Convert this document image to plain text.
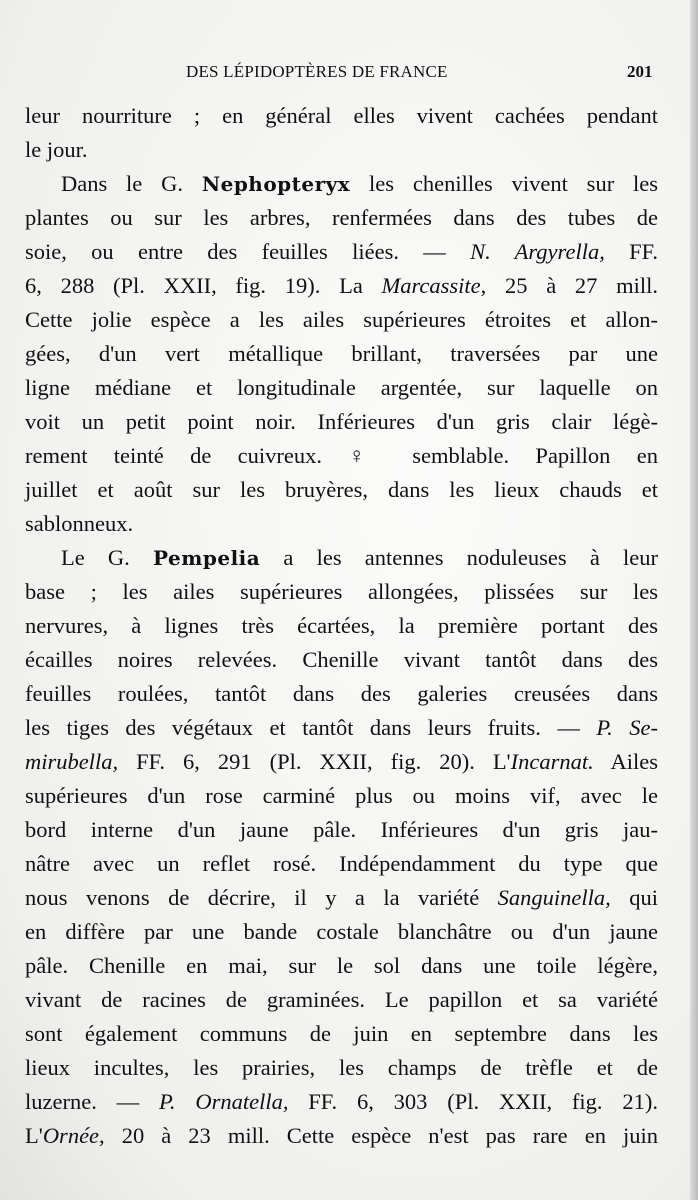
DES LÉPIDOPTÈRES DE FRANCE	201
leur nourriture ; en général elles vivent cachées pendant
le jour.
Dans le G. Nephopteryx les chenilles vivent sur les
plantes ou sur les arbres, renfermées dans des tubes de
soie, ou entre des feuilles liées. — N. Argyrella, FF.
6, 288 (Pl. XXII, fig. 19). La Marcassite, 25 à 27 mill.
Cette jolie espèce a les ailes supérieures étroites et allon-
gées, d'un vert métallique brillant, traversées par une
ligne médiane et longitudinale argentée, sur laquelle on
voit un petit point noir. Inférieures d'un gris clair légè-
rement teinté de cuivreux. ♀ semblable. Papillon en
juillet et août sur les bruyères, dans les lieux chauds et
sablonneux.
Le G. Pempelia a les antennes noduleuses à leur
base ; les ailes supérieures allongées, plissées sur les
nervures, à lignes très écartées, la première portant des
écailles noires relevées. Chenille vivant tantôt dans des
feuilles roulées, tantôt dans des galeries creusées dans
les tiges des végétaux et tantôt dans leurs fruits. — P. Se-
mirubella, FF. 6, 291 (Pl. XXII, fig. 20). L'Incarnat. Ailes
supérieures d'un rose carminé plus ou moins vif, avec le
bord interne d'un jaune pâle. Inférieures d'un gris jau-
nâtre avec un reflet rosé. Indépendamment du type que
nous venons de décrire, il y a la variété Sanguinella, qui
en diffère par une bande costale blanchâtre ou d'un jaune
pâle. Chenille en mai, sur le sol dans une toile légère,
vivant de racines de graminées. Le papillon et sa variété
sont également communs de juin en septembre dans les
lieux incultes, les prairies, les champs de trèfle et de
luzerne. — P. Ornatella, FF. 6, 303 (Pl. XXII, fig. 21).
L'Ornée, 20 à 23 mill. Cette espèce n'est pas rare en juin
